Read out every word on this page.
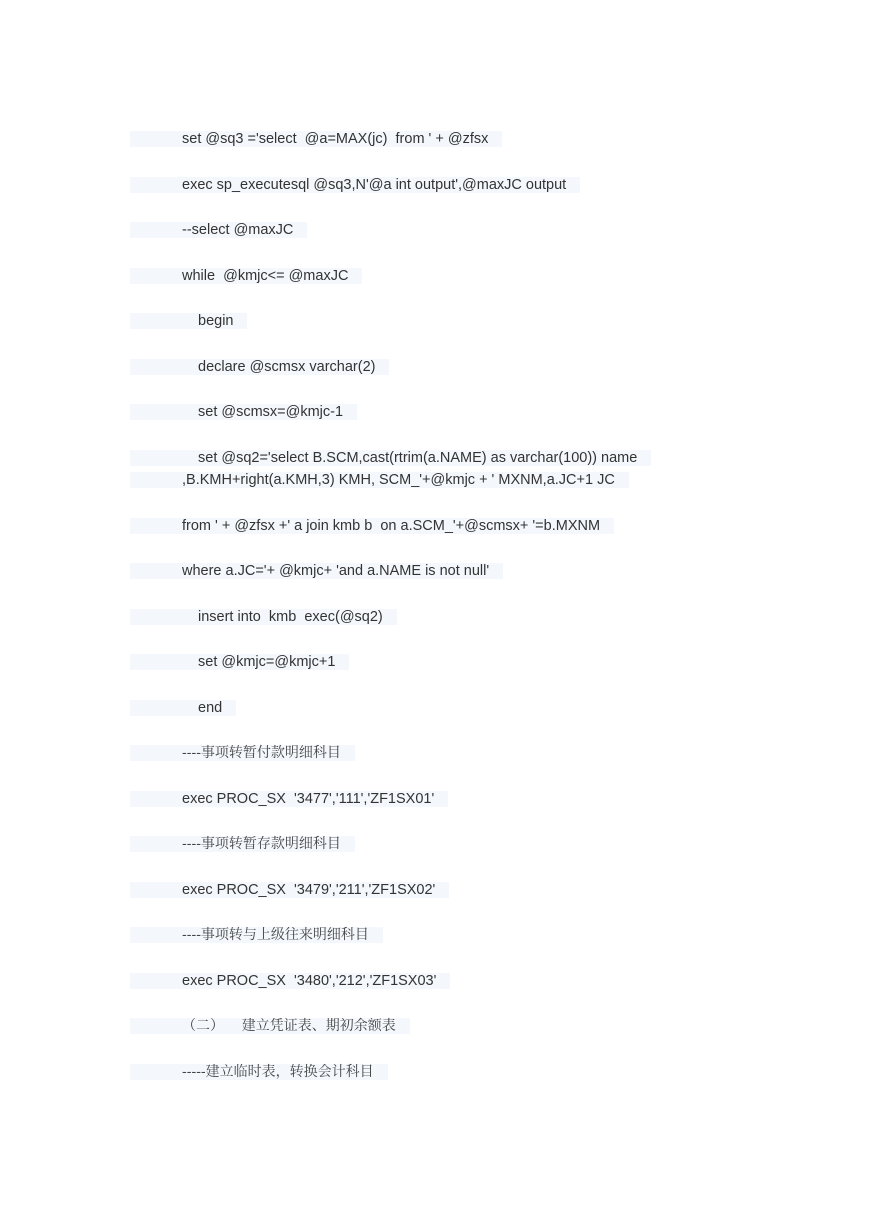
set @sq3 ='select  @a=MAX(jc)  from ' + @zfsx
exec sp_executesql @sq3,N'@a int output',@maxJC output
--select @maxJC
while  @kmjc<= @maxJC
begin
declare @scmsx varchar(2)
set @scmsx=@kmjc-1
set @sq2='select B.SCM,cast(rtrim(a.NAME) as varchar(100)) name
,B.KMH+right(a.KMH,3) KMH, SCM_'+@kmjc + ' MXNM,a.JC+1 JC
from ' + @zfsx +' a join kmb b  on a.SCM_'+@scmsx+ '=b.MXNM
where a.JC='+ @kmjc+ 'and a.NAME is not null'
insert into  kmb  exec(@sq2)
set @kmjc=@kmjc+1
end
----事项转暂付款明细科目
exec PROC_SX  '3477','111','ZF1SX01'
----事项转暂存款明细科目
exec PROC_SX  '3479','211','ZF1SX02'
----事项转与上级往来明细科目
exec PROC_SX  '3480','212','ZF1SX03'
（二）    建立凭证表、期初余额表
-----建立临时表，转换会计科目
